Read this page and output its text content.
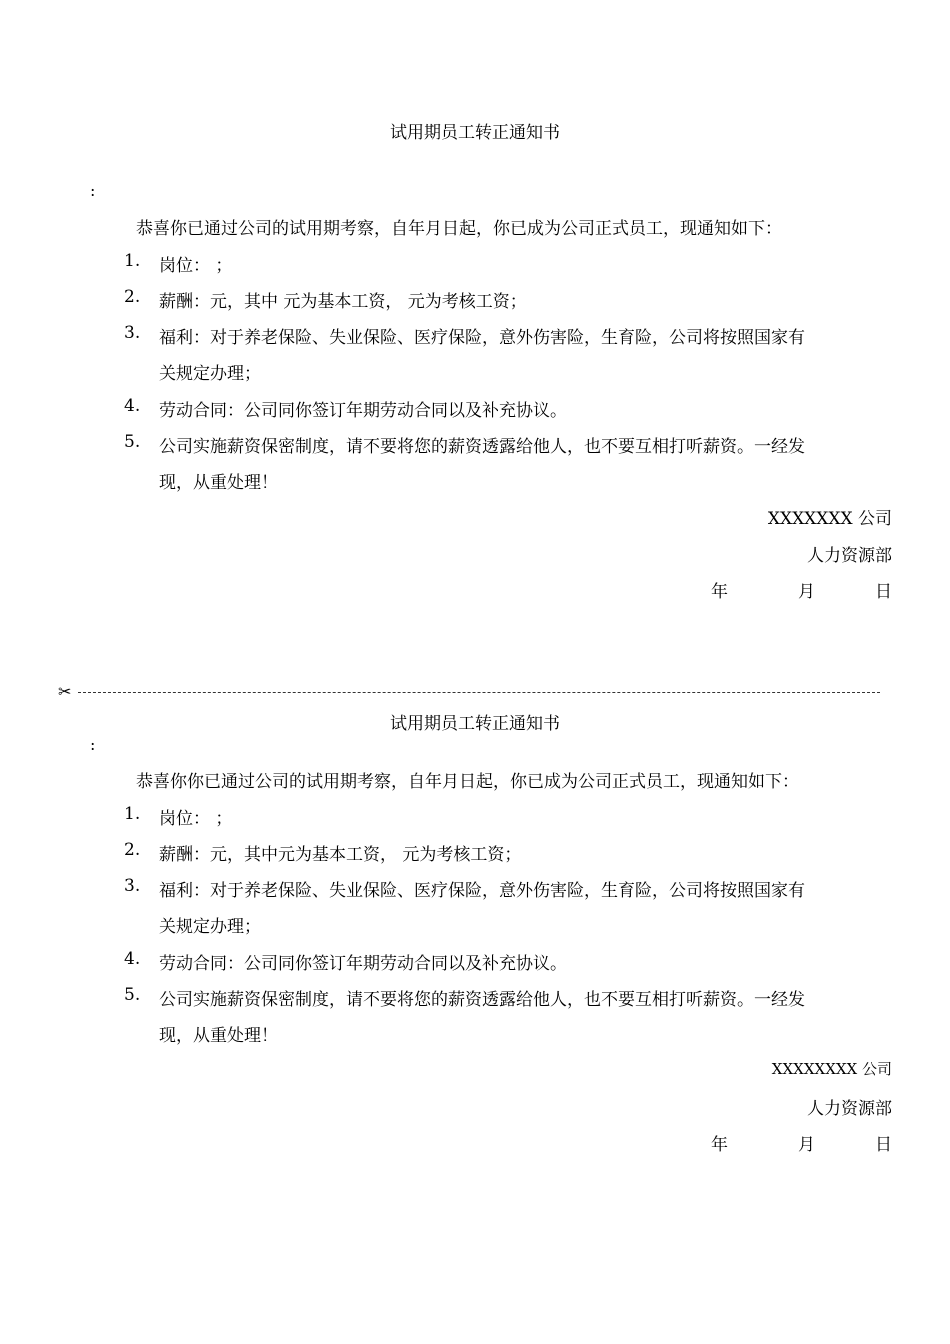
试用期员工转正通知书
:
恭喜你已通过公司的试用期考察，自年月日起，你已成为公司正式员工，现通知如下：
1. 岗位： ；
2. 薪酬：元，其中 元为基本工资， 元为考核工资；
3. 福利：对于养老保险、失业保险、医疗保险，意外伤害险，生育险，公司将按照国家有
关规定办理；
4. 劳动合同：公司同你签订年期劳动合同以及补充协议。
5. 公司实施薪资保密制度，请不要将您的薪资透露给他人，也不要互相打听薪资。一经发
现，从重处理！
XXXXXXX 公司
人力资源部
年	月	日
✂
试用期员工转正通知书
:
恭喜你你已通过公司的试用期考察，自年月日起，你已成为公司正式员工，现通知如下：
1. 岗位： ；
2. 薪酬：元，其中元为基本工资， 元为考核工资；
3. 福利：对于养老保险、失业保险、医疗保险，意外伤害险，生育险，公司将按照国家有
关规定办理；
4. 劳动合同：公司同你签订年期劳动合同以及补充协议。
5. 公司实施薪资保密制度，请不要将您的薪资透露给他人，也不要互相打听薪资。一经发
现，从重处理！
XXXXXXXX 公司
人力资源部
年	月	日
